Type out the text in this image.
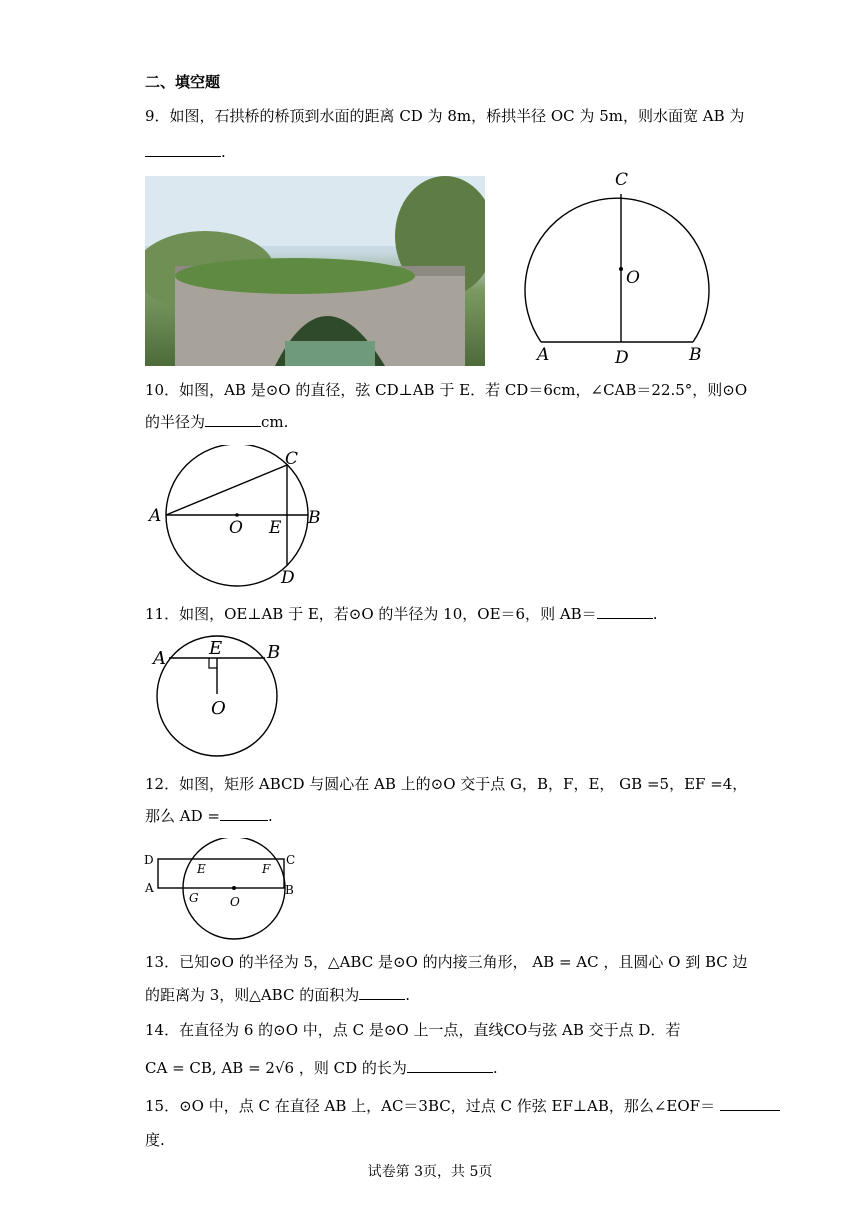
二、填空题
9．如图，石拱桥的桥顶到水面的距离 CD 为 8m，桥拱半径 OC 为 5m，则水面宽 AB 为
.
C
O
A	D	B
10．如图，AB 是⊙O 的直径，弦 CD⊥AB 于 E．若 CD＝6cm，∠CAB＝22.5°，则⊙O
的半径为	cm.
A
O E B
C
D
11．如图，OE⊥AB 于 E，若⊙O 的半径为 10，OE＝6，则 AB＝	.
A E B
O
12．如图，矩形 ABCD 与圆心在 AB 上的⊙O 交于点 G，B，F，E， GB =5，EF =4，
那么 AD =	.
D
E	F
C
A
G	O
B
13．已知⊙O 的半径为 5，△ABC 是⊙O 的内接三角形， AB = AC ，且圆心 O 到 BC 边
的距离为 3，则△ABC 的面积为	.
14．在直径为 6 的⊙O 中，点 C 是⊙O 上一点，直线CO与弦 AB 交于点 D．若
CA = CB, AB = 2√6 ，则 CD 的长为	.
15．⊙O 中，点 C 在直径 AB 上，AC＝3BC，过点 C 作弦 EF⊥AB，那么∠EOF＝
度.
试卷第 3页，共 5页
